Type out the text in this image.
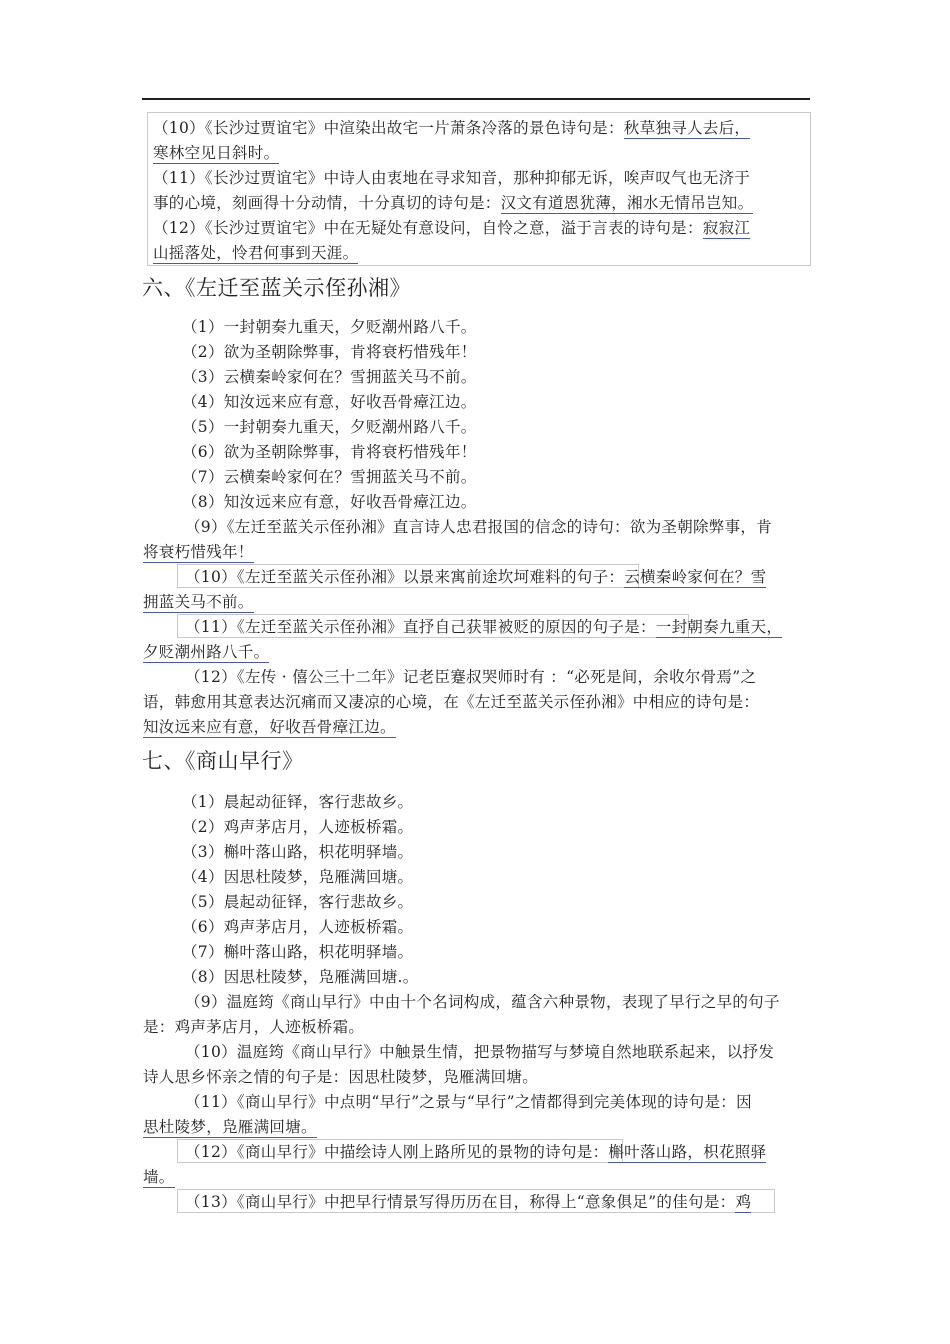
（10）《长沙过贾谊宅》中渲染出故宅一片萧条冷落的景色诗句是：秋草独寻人去后，
寒林空见日斜时。
（11）《长沙过贾谊宅》中诗人由衷地在寻求知音，那种抑郁无诉，唉声叹气也无济于
事的心境，刻画得十分动情，十分真切的诗句是：汉文有道恩犹薄，湘水无情吊岂知。
（12）《长沙过贾谊宅》中在无疑处有意设问，自怜之意，溢于言表的诗句是：寂寂江
山摇落处，怜君何事到天涯。
六、《左迁至蓝关示侄孙湘》
（1）一封朝奏九重天，夕贬潮州路八千。
（2）欲为圣朝除弊事，肯将衰朽惜残年！
（3）云横秦岭家何在？雪拥蓝关马不前。
（4）知汝远来应有意，好收吾骨瘴江边。
（5）一封朝奏九重天，夕贬潮州路八千。
（6）欲为圣朝除弊事，肯将衰朽惜残年！
（7）云横秦岭家何在？雪拥蓝关马不前。
（8）知汝远来应有意，好收吾骨瘴江边。
（9）《左迁至蓝关示侄孙湘》直言诗人忠君报国的信念的诗句：欲为圣朝除弊事，肯
将衰朽惜残年！
（10）《左迁至蓝关示侄孙湘》以景来寓前途坎坷难料的句子：云横秦岭家何在？雪
拥蓝关马不前。
（11）《左迁至蓝关示侄孙湘》直抒自己获罪被贬的原因的句子是：一封朝奏九重天，
夕贬潮州路八千。
（12）《左传 · 僖公三十二年》记老臣蹇叔哭师时有 ：“必死是间，余收尔骨焉”之
语，韩愈用其意表达沉痛而又凄凉的心境，在《左迁至蓝关示侄孙湘》中相应的诗句是：
知汝远来应有意，好收吾骨瘴江边。
七、《商山早行》
（1）晨起动征铎，客行悲故乡。
（2）鸡声茅店月，人迹板桥霜。
（3）槲叶落山路，枳花明驿墙。
（4）因思杜陵梦，凫雁满回塘。
（5）晨起动征铎，客行悲故乡。
（6）鸡声茅店月，人迹板桥霜。
（7）槲叶落山路，枳花明驿墙。
（8）因思杜陵梦，凫雁满回塘.。
（9）温庭筠《商山早行》中由十个名词构成，蕴含六种景物，表现了早行之早的句子
是：鸡声茅店月，人迹板桥霜。
（10）温庭筠《商山早行》中触景生情，把景物描写与梦境自然地联系起来，以抒发
诗人思乡怀亲之情的句子是：因思杜陵梦，凫雁满回塘。
（11）《商山早行》中点明“早行”之景与“早行”之情都得到完美体现的诗句是：因
思杜陵梦，凫雁满回塘。
（12）《商山早行》中描绘诗人刚上路所见的景物的诗句是：槲叶落山路，枳花照驿
墙。
（13）《商山早行》中把早行情景写得历历在目，称得上“意象俱足”的佳句是：鸡
